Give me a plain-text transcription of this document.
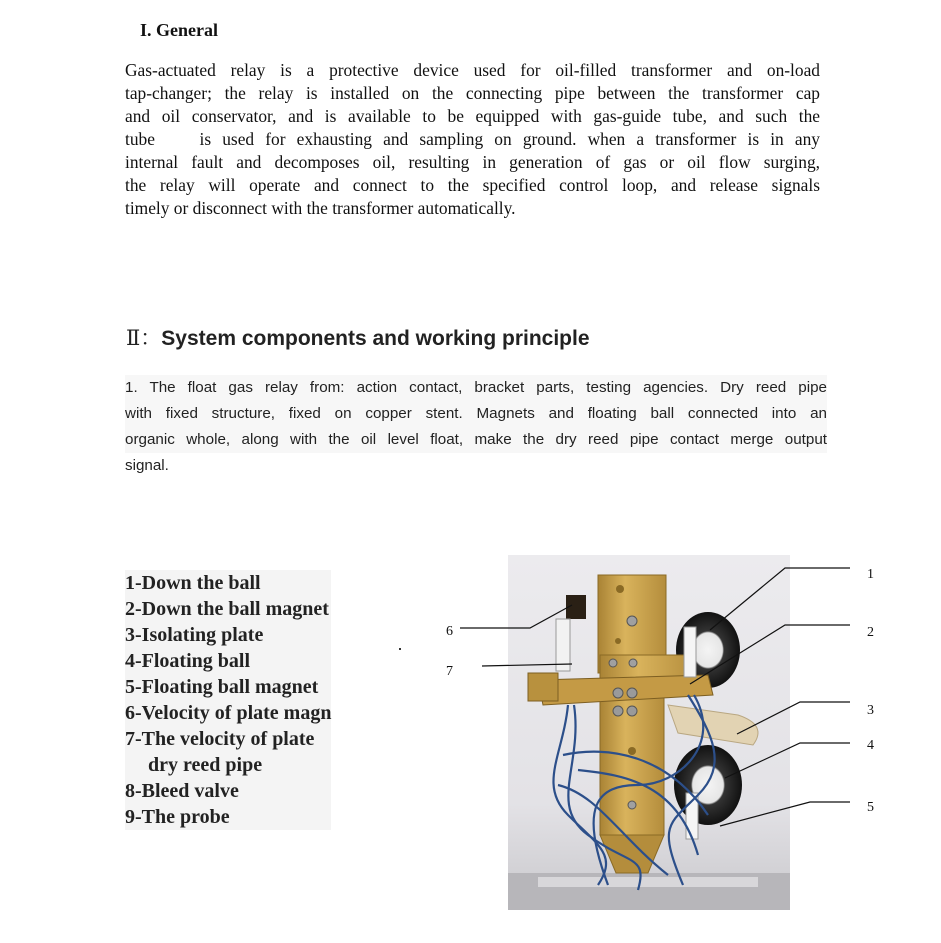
I. General
Gas-actuated relay is a protective device used for oil-filled transformer and on-load
tap-changer; the relay is installed on the connecting pipe between the transformer cap
and oil conservator, and is available to be equipped with gas-guide tube, and such the
tube    is used for exhausting and sampling on ground. when a transformer is in any
internal fault and decomposes oil, resulting in generation of gas or oil flow surging,
the relay will operate and connect to the specified control loop, and release signals
timely or disconnect with the transformer automatically.
Ⅱ：System components and working principle
1. The float gas relay from: action contact, bracket parts, testing agencies. Dry reed pipe
with fixed structure, fixed on copper stent. Magnets and floating ball connected into an
organic whole, along with the oil level float, make the dry reed pipe contact merge output
signal.
1-Down the ball
2-Down the ball magnet
3-Isolating plate
4-Floating ball
5-Floating ball magnet
6-Velocity of plate magn
7-The velocity of plate
dry reed pipe
8-Bleed valve
9-The probe
1
2
3
4
5
6
7
